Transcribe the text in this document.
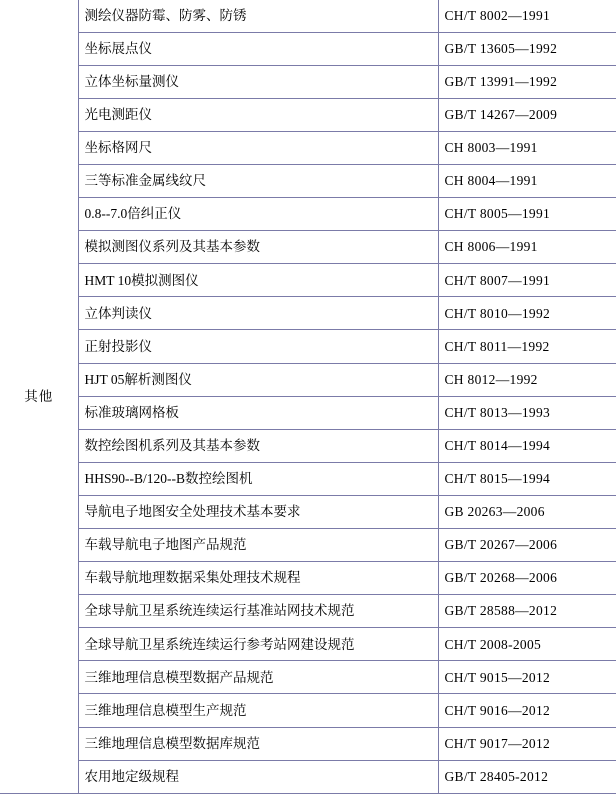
其他	测绘仪器防霉、防雾、防锈	CH/T 8002—1991
	坐标展点仪	GB/T 13605—1992
	立体坐标量测仪	GB/T 13991—1992
	光电测距仪	GB/T 14267—2009
	坐标格网尺	CH 8003—1991
	三等标准金属线纹尺	CH 8004—1991
	0.8--7.0倍纠正仪	CH/T 8005—1991
	模拟测图仪系列及其基本参数	CH 8006—1991
	HMT 10模拟测图仪	CH/T 8007—1991
	立体判读仪	CH/T 8010—1992
	正射投影仪	CH/T 8011—1992
	HJT 05解析测图仪	CH 8012—1992
	标准玻璃网格板	CH/T 8013—1993
	数控绘图机系列及其基本参数	CH/T 8014—1994
	HHS90--B/120--B数控绘图机	CH/T 8015—1994
	导航电子地图安全处理技术基本要求	GB 20263—2006
	车载导航电子地图产品规范	GB/T 20267—2006
	车载导航地理数据采集处理技术规程	GB/T 20268—2006
	全球导航卫星系统连续运行基准站网技术规范	GB/T 28588—2012
	全球导航卫星系统连续运行参考站网建设规范	CH/T 2008-2005
	三维地理信息模型数据产品规范	CH/T 9015—2012
	三维地理信息模型生产规范	CH/T 9016—2012
	三维地理信息模型数据库规范	CH/T 9017—2012
	农用地定级规程	GB/T 28405-2012
